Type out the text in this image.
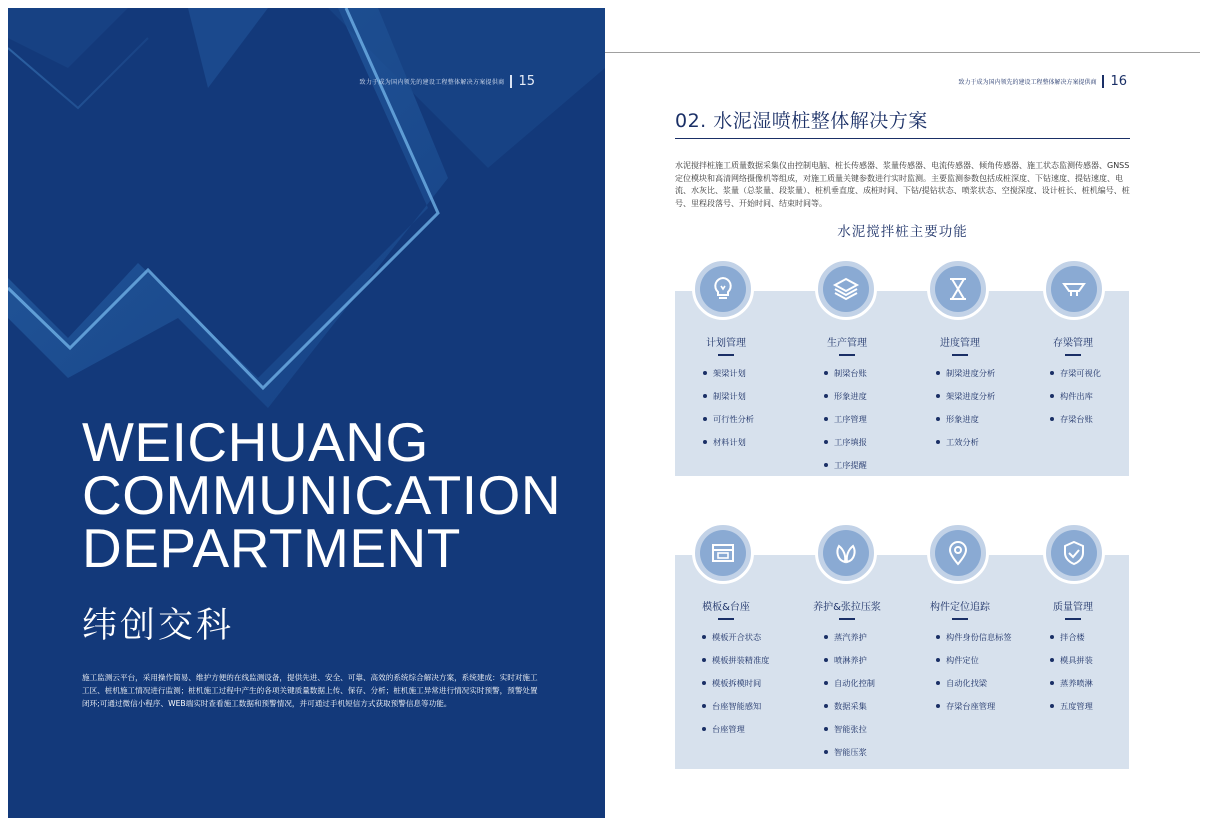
致力于成为国内领先的建设工程整体解决方案提供商 15
WEICHUANG
COMMUNICATION
DEPARTMENT
纬创交科
施工监测云平台，采用操作简易、维护方便的在线监测设备，提供先进、安全、可靠、高效的系统综合解决方案，系统建成：实时对施工工区、桩机施工情况进行监测；桩机施工过程中产生的各项关键质量数据上传、保存、分析；桩机施工异常进行情况实时预警，预警处置闭环;可通过微信小程序、WEB端实时查看施工数据和预警情况，并可通过手机短信方式获取预警信息等功能。
致力于成为国内领先的建设工程整体解决方案提供商 16
02. 水泥湿喷桩整体解决方案
水泥搅拌桩施工质量数据采集仪由控制电脑、桩长传感器、浆量传感器、电流传感器、倾角传感器、施工状态监测传感器、GNSS定位模块和高清网络摄像机等组成，对施工质量关键参数进行实时监测。主要监测参数包括成桩深度、下钻速度、提钻速度、电流、水灰比、浆量（总浆量、段浆量）、桩机垂直度、成桩时间、下钻/提钻状态、喷浆状态、空搅深度、设计桩长、桩机编号、桩号、里程段落号、开始时间、结束时间等。
水泥搅拌桩主要功能
计划管理
架梁计划
制梁计划
可行性分析
材料计划
生产管理
制梁台账
形象进度
工序管理
工序填报
工序提醒
进度管理
制梁进度分析
架梁进度分析
形象进度
工效分析
存梁管理
存梁可视化
构件出库
存梁台账
模板&台座
模板开合状态
模板拼装精准度
模板拆模时间
台座智能感知
台座管理
养护&张拉压浆
蒸汽养护
喷淋养护
自动化控制
数据采集
智能张拉
智能压浆
构件定位追踪
构件身份信息标签
构件定位
自动化找梁
存梁台座管理
质量管理
拌合楼
模具拼装
蒸养喷淋
五度管理
